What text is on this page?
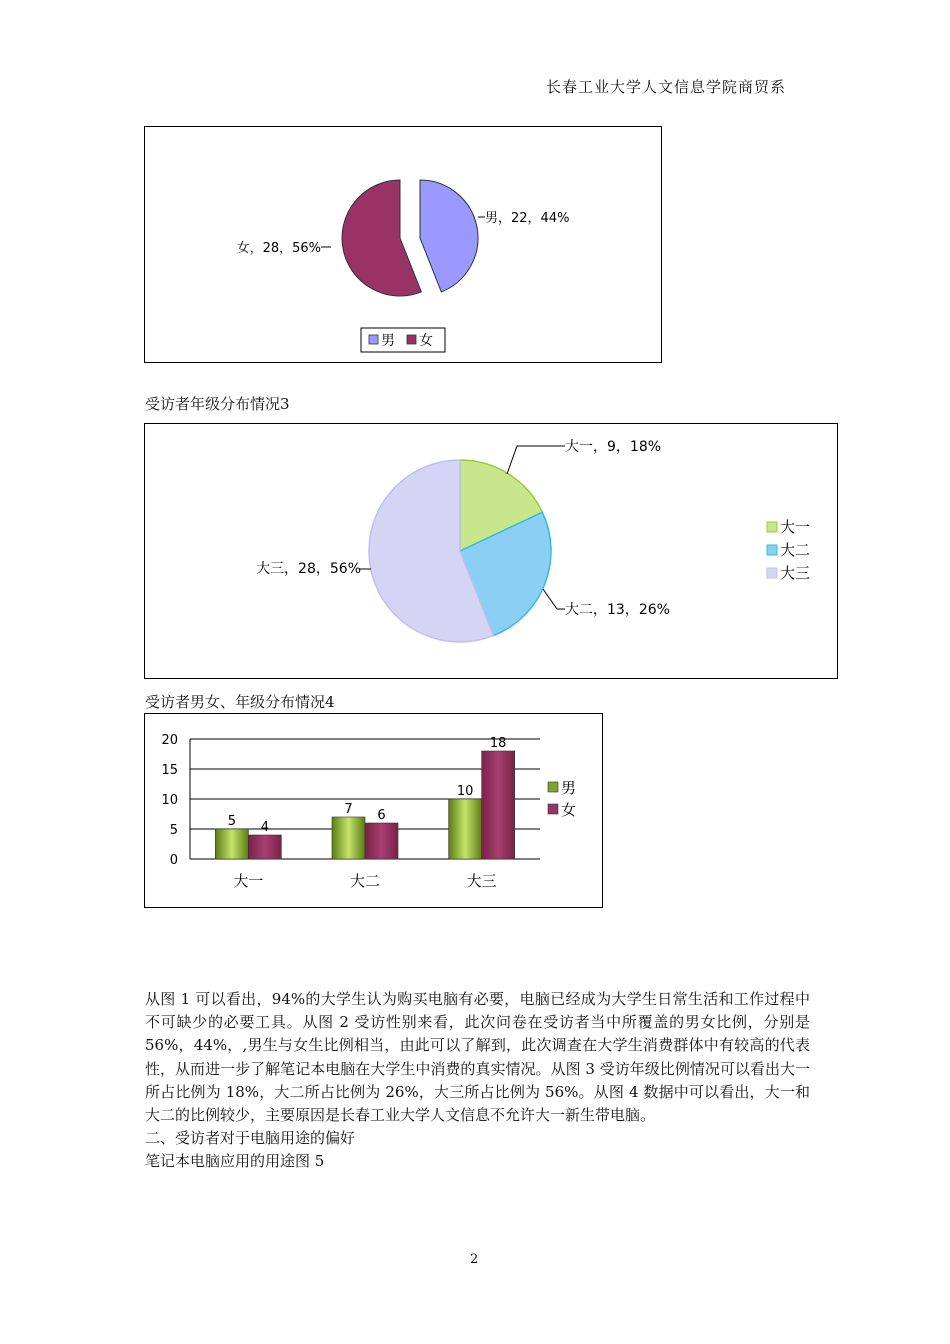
长春工业大学人文信息学院商贸系
男，22，44%
女，28，56%
男 女
受访者年级分布情况3
大一，9，18%
大二，13，26%
大三，28，56%
大一
大二
大三
受访者男女、年级分布情况4
0
5
10
15
20
5 4
大一
7 6
大二
10
18
大三
男
女

从图 1 可以看出，94%的大学生认为购买电脑有必要，电脑已经成为大学生日常生活和工作过程中不可缺少的必要工具。从图 2 受访性别来看，此次问卷在受访者当中所覆盖的男女比例，分别是 56%，44%，,男生与女生比例相当，由此可以了解到，此次调查在大学生消费群体中有较高的代表性，从而进一步了解笔记本电脑在大学生中消费的真实情况。从图 3 受访年级比例情况可以看出大一所占比例为 18%，大二所占比例为 26%，大三所占比例为 56%。从图 4 数据中可以看出，大一和大二的比例较少，主要原因是长春工业大学人文信息不允许大一新生带电脑。

二、受访者对于电脑用途的偏好
笔记本电脑应用的用途图 5
2
